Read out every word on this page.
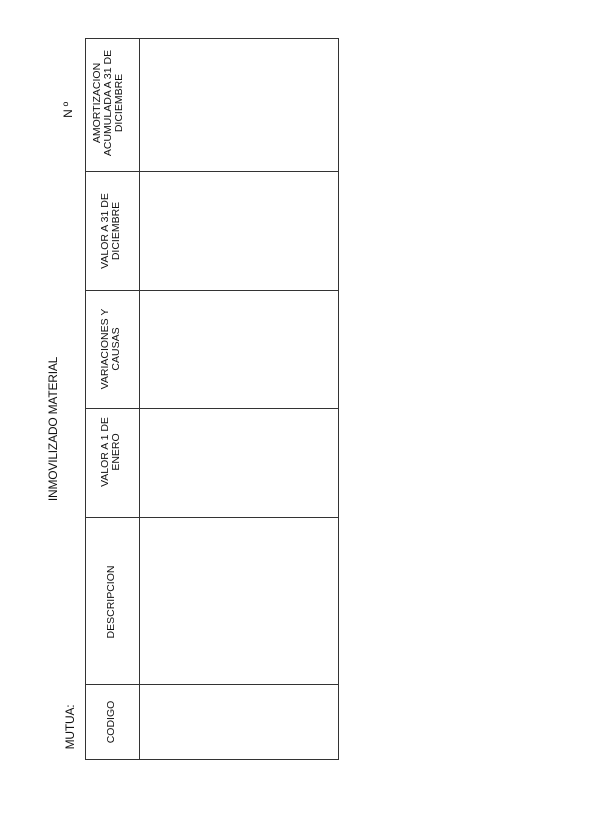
MUTUA:
INMOVILIZADO MATERIAL
N º
CODIGO
DESCRIPCION
VALOR A 1 DE ENERO
VARIACIONES Y CAUSAS
VALOR A 31 DE DICIEMBRE
AMORTIZACION ACUMULADA A 31 DE DICIEMBRE
